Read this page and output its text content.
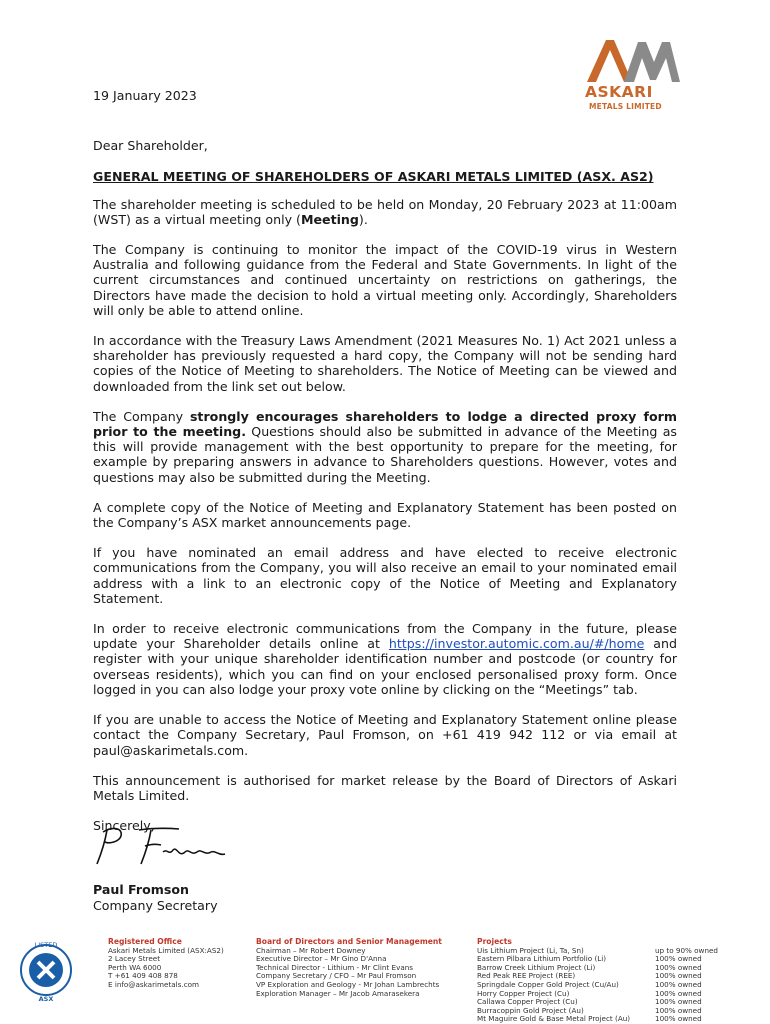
ASKARI
METALS LIMITED

19 January 2023

Dear Shareholder,

GENERAL MEETING OF SHAREHOLDERS OF ASKARI METALS LIMITED (ASX. AS2)

The shareholder meeting is scheduled to be held on Monday, 20 February 2023 at 11:00am (WST) as a virtual meeting only (Meeting).

The Company is continuing to monitor the impact of the COVID-19 virus in Western Australia and following guidance from the Federal and State Governments. In light of the current circumstances and continued uncertainty on restrictions on gatherings, the Directors have made the decision to hold a virtual meeting only. Accordingly, Shareholders will only be able to attend online.

In accordance with the Treasury Laws Amendment (2021 Measures No. 1) Act 2021 unless a shareholder has previously requested a hard copy, the Company will not be sending hard copies of the Notice of Meeting to shareholders. The Notice of Meeting can be viewed and downloaded from the link set out below.

The Company strongly encourages shareholders to lodge a directed proxy form prior to the meeting. Questions should also be submitted in advance of the Meeting as this will provide management with the best opportunity to prepare for the meeting, for example by preparing answers in advance to Shareholders questions. However, votes and questions may also be submitted during the Meeting.

A complete copy of the Notice of Meeting and Explanatory Statement has been posted on the Company’s ASX market announcements page.

If you have nominated an email address and have elected to receive electronic communications from the Company, you will also receive an email to your nominated email address with a link to an electronic copy of the Notice of Meeting and Explanatory Statement.

In order to receive electronic communications from the Company in the future, please update your Shareholder details online at https://investor.automic.com.au/#/home and register with your unique shareholder identification number and postcode (or country for overseas residents), which you can find on your enclosed personalised proxy form. Once logged in you can also lodge your proxy vote online by clicking on the “Meetings” tab.

If you are unable to access the Notice of Meeting and Explanatory Statement online please contact the Company Secretary, Paul Fromson, on +61 419 942 112 or via email at paul@askarimetals.com.

This announcement is authorised for market release by the Board of Directors of Askari Metals Limited.

Sincerely,

Paul Fromson
Company Secretary
LISTED
ASX
Registered Office
Askari Metals Limited (ASX:AS2)
2 Lacey Street
Perth WA 6000
T +61 409 408 878
E info@askarimetals.com
Board of Directors and Senior Management
Chairman – Mr Robert Downey
Executive Director – Mr Gino D'Anna
Technical Director - Lithium - Mr Clint Evans
Company Secretary / CFO – Mr Paul Fromson
VP Exploration and Geology - Mr Johan Lambrechts
Exploration Manager – Mr Jacob Amarasekera
Projects
Uis Lithium Project (Li, Ta, Sn)
Eastern Pilbara Lithium Portfolio (Li)
Barrow Creek Lithium Project (Li)
Red Peak REE Project (REE)
Springdale Copper Gold Project (Cu/Au)
Horry Copper Project (Cu)
Callawa Copper Project (Cu)
Burracoppin Gold Project (Au)
Mt Maguire Gold & Base Metal Project (Au)
up to 90% owned
100% owned
100% owned
100% owned
100% owned
100% owned
100% owned
100% owned
100% owned
